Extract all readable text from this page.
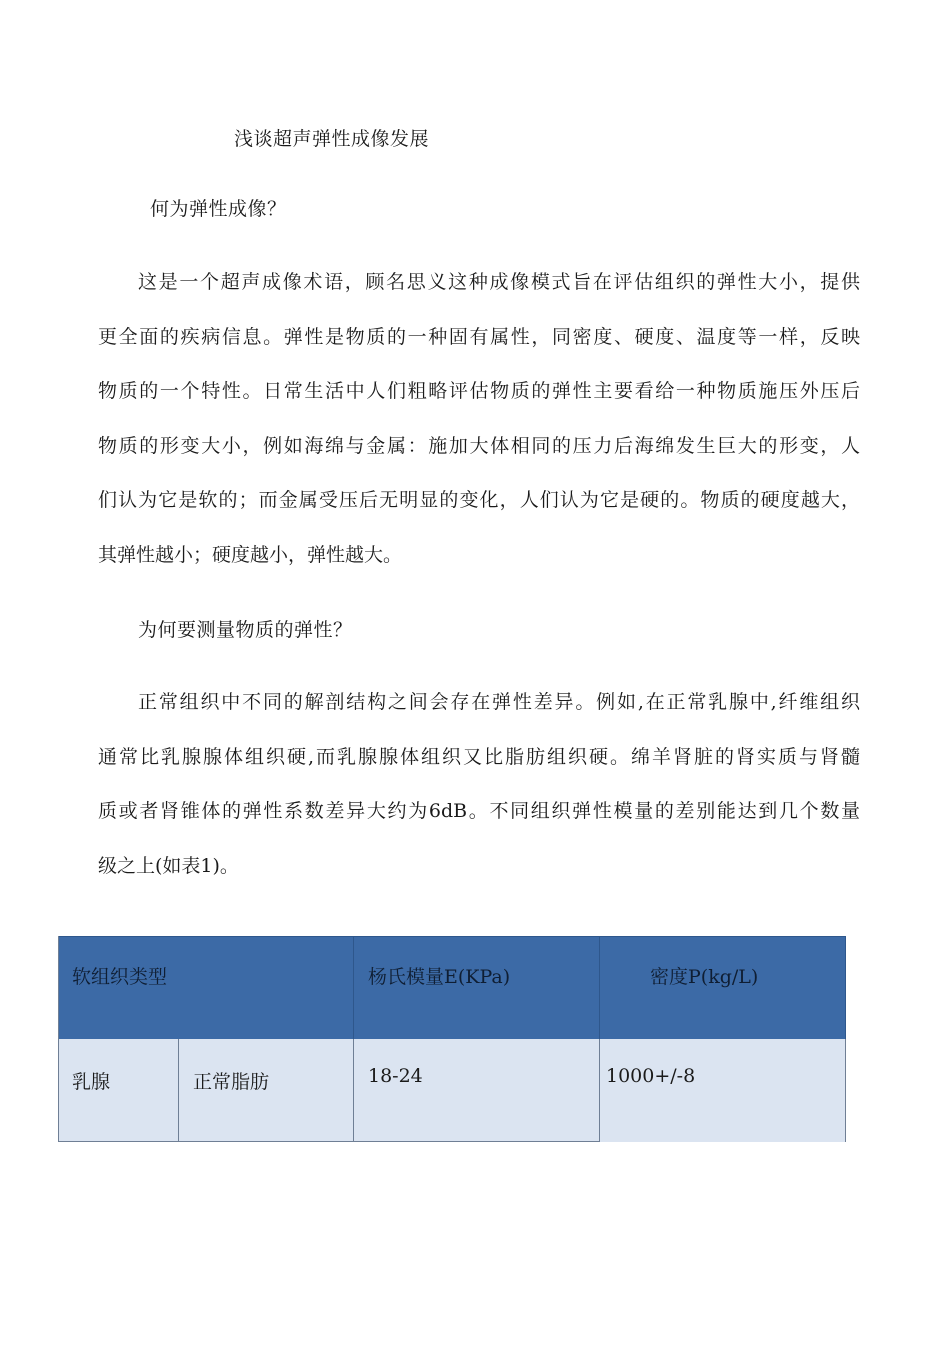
浅谈超声弹性成像发展
何为弹性成像？
这是一个超声成像术语，顾名思义这种成像模式旨在评估组织的弹性大小，提供
更全面的疾病信息。弹性是物质的一种固有属性，同密度、硬度、温度等一样，反映
物质的一个特性。日常生活中人们粗略评估物质的弹性主要看给一种物质施压外压后
物质的形变大小，例如海绵与金属：施加大体相同的压力后海绵发生巨大的形变，人
们认为它是软的；而金属受压后无明显的变化，人们认为它是硬的。物质的硬度越大，
其弹性越小；硬度越小，弹性越大。
为何要测量物质的弹性？
正常组织中不同的解剖结构之间会存在弹性差异。例如,在正常乳腺中,纤维组织
通常比乳腺腺体组织硬,而乳腺腺体组织又比脂肪组织硬。绵羊肾脏的肾实质与肾髓
质或者肾锥体的弹性系数差异大约为6dB。不同组织弹性模量的差别能达到几个数量
级之上(如表1)。
软组织类型	杨氏模量E(KPa)	密度P(kg/L)
乳腺	正常脂肪	18-24	1000+/-8
